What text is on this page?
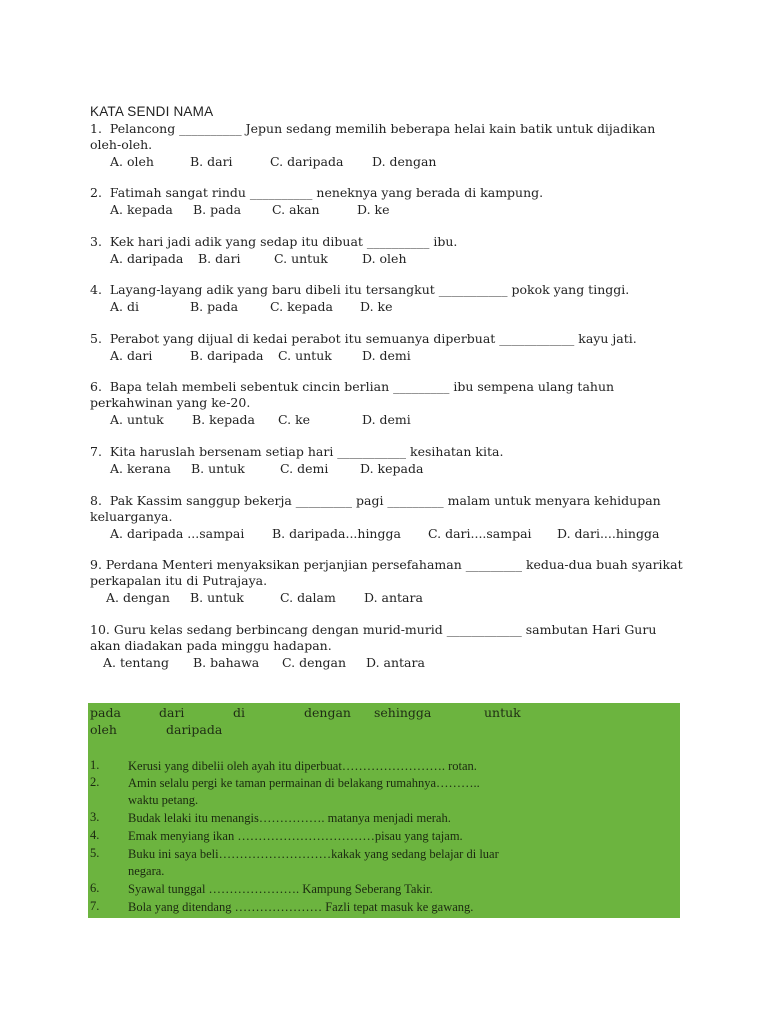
KATA SENDI NAMA
1.  Pelancong __________ Jepun sedang memilih beberapa helai kain batik untuk dijadikan
oleh-oleh.
A. oleh	B. dari	C. daripada D. dengan
2.  Fatimah sangat rindu __________ neneknya yang berada di kampung.
A. kepada B. pada C. akan	D. ke
3.  Kek hari jadi adik yang sedap itu dibuat __________ ibu.
A. daripada B. dari	C. untuk	D. oleh
4.  Layang-layang adik yang baru dibeli itu tersangkut ___________ pokok yang tinggi.
A. di	B. pada	C. kepada D. ke
5.  Perabot yang dijual di kedai perabot itu semuanya diperbuat ____________ kayu jati.
A. dari	B. daripada C. untuk D. demi
6.  Bapa telah membeli sebentuk cincin berlian _________ ibu sempena ulang tahun
perkahwinan yang ke-20.
A. untuk B. kepada C. ke	D. demi
7.  Kita haruslah bersenam setiap hari ___________ kesihatan kita.
A. kerana B. untuk	C. demi	D. kepada
8.  Pak Kassim sanggup bekerja _________ pagi _________ malam untuk menyara kehidupan
keluarganya.
A. daripada ...sampai B. daripada...hingga C. dari....sampai D. dari....hingga
9. Perdana Menteri menyaksikan perjanjian persefahaman _________ kedua-dua buah syarikat
perkapalan itu di Putrajaya.
A. dengan B. untuk	C. dalam D. antara
10. Guru kelas sedang berbincang dengan murid-murid ____________ sambutan Hari Guru
akan diadakan pada minggu hadapan.
A. tentang B. bahawa C. dengan D. antara
pada	dari	di	dengan sehingga	untuk
oleh	daripada
1. Kerusi yang dibelii oleh ayah itu diperbuat……………………. rotan.
2. Amin selalu pergi ke taman permainan di belakang rumahnya………..
waktu petang.
3. Budak lelaki itu menangis……………. matanya menjadi merah.
4. Emak menyiang ikan ……………………………pisau yang tajam.
5. Buku ini saya beli………………………kakak yang sedang belajar di luar
negara.
6. Syawal tunggal …………………. Kampung Seberang Takir.
7. Bola yang ditendang ………………… Fazli tepat masuk ke gawang.
